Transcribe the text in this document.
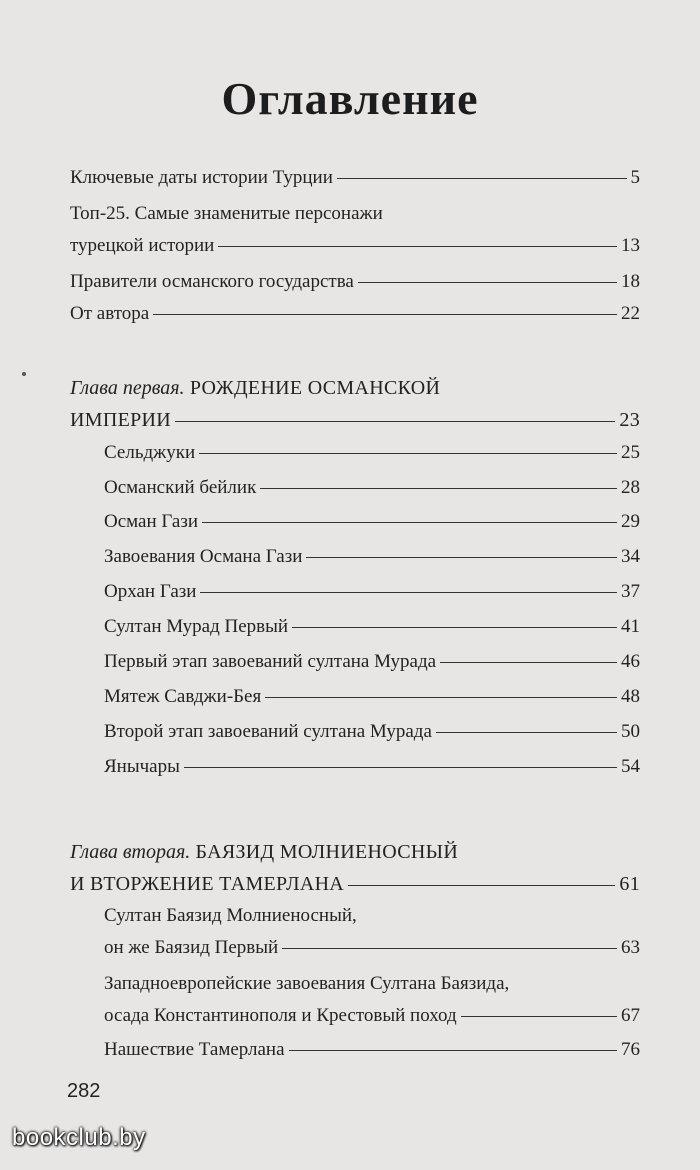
Оглавление
Ключевые даты истории Турции	5
Топ-25. Самые знаменитые персонажи
турецкой истории	13
Правители османского государства	18
От автора	22
Глава первая. РОЖДЕНИЕ ОСМАНСКОЙ
ИМПЕРИИ	23
Сельджуки	25
Османский бейлик	28
Осман Гази	29
Завоевания Османа Гази	34
Орхан Гази	37
Султан Мурад Первый	41
Первый этап завоеваний султана Мурада	46
Мятеж Савджи-Бея	48
Второй этап завоеваний султана Мурада	50
Янычары	54
Глава вторая. БАЯЗИД МОЛНИЕНОСНЫЙ
И ВТОРЖЕНИЕ ТАМЕРЛАНА	61
Султан Баязид Молниеносный,
он же Баязид Первый	63
Западноевропейские завоевания Султана Баязида,
осада Константинополя и Крестовый поход	67
Нашествие Тамерлана	76
282
bookclub.by
